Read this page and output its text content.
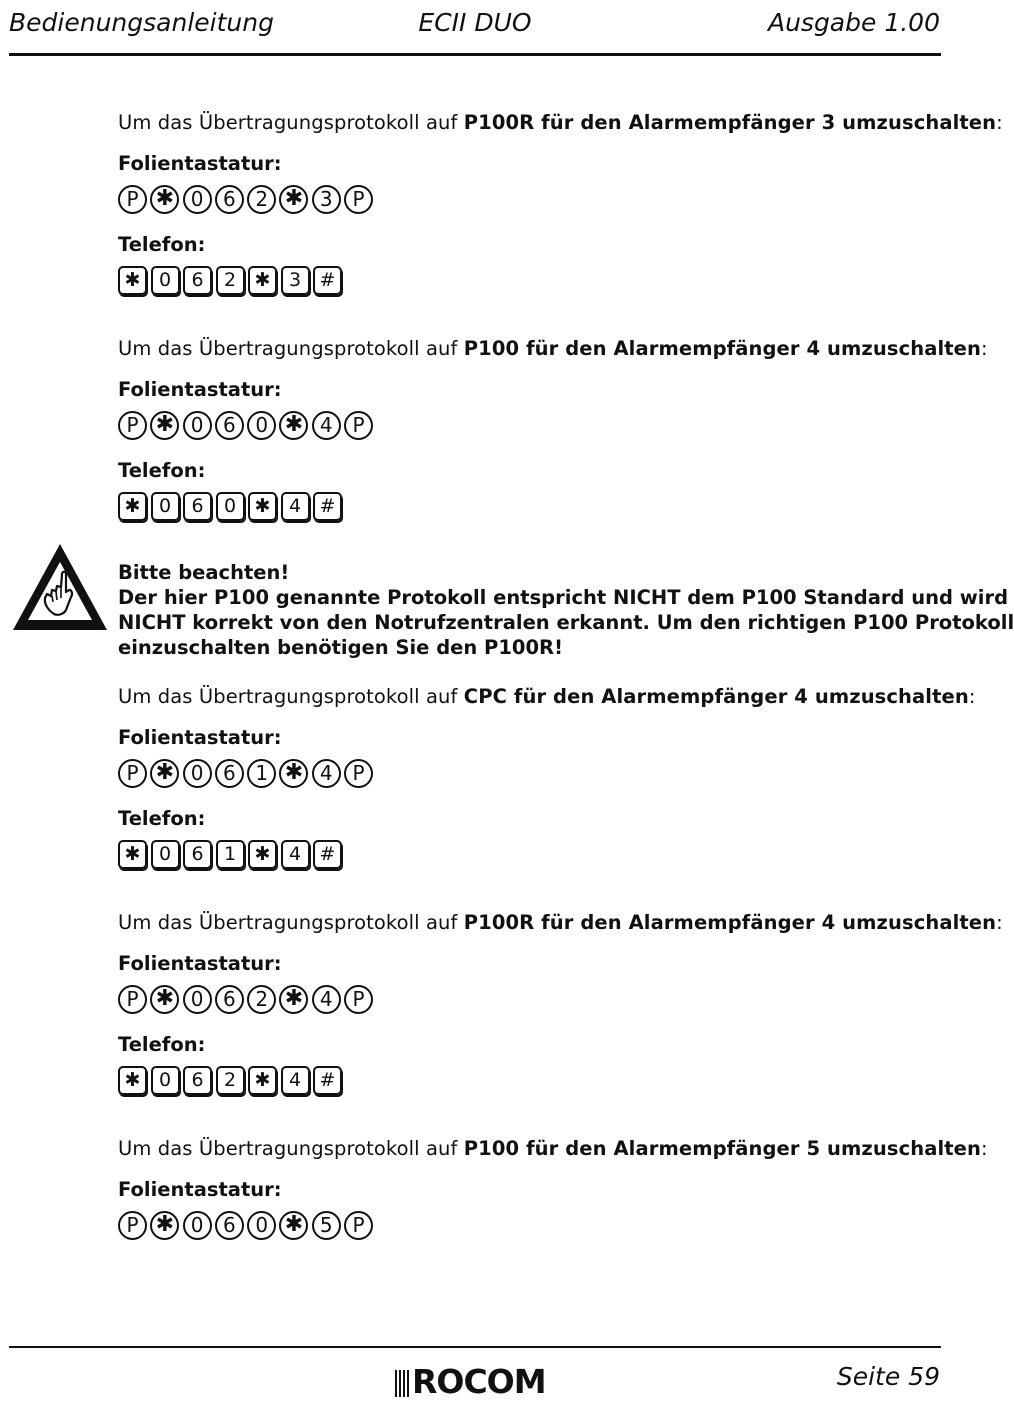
Bedienungsanleitung	ECII DUO	Ausgabe 1.00
Um das Übertragungsprotokoll auf P100R für den Alarmempfänger 3 umzuschalten:
Folientastatur:
P ✱ 0 6 2 ✱ 3 P
Telefon:
✱ 0	6	2 ✱ 3 #
Um das Übertragungsprotokoll auf P100 für den Alarmempfänger 4 umzuschalten:
Folientastatur:
P ✱ 0 6 0 ✱ 4 P
Telefon:
✱ 0	6	0 ✱ 4 #
Bitte beachten!
Der hier P100 genannte Protokoll entspricht NICHT dem P100 Standard und wird
NICHT korrekt von den Notrufzentralen erkannt. Um den richtigen P100 Protokoll
einzuschalten benötigen Sie den P100R!
Um das Übertragungsprotokoll auf CPC für den Alarmempfänger 4 umzuschalten:
Folientastatur:
P ✱ 0 6 1 ✱ 4 P
Telefon:
✱ 0	6	1 ✱ 4 #
Um das Übertragungsprotokoll auf P100R für den Alarmempfänger 4 umzuschalten:
Folientastatur:
P ✱ 0 6 2 ✱ 4 P
Telefon:
✱ 0	6	2 ✱ 4 #
Um das Übertragungsprotokoll auf P100 für den Alarmempfänger 5 umzuschalten:
Folientastatur:
P ✱ 0 6 0 ✱ 5 P
ROCOM	Seite 59
